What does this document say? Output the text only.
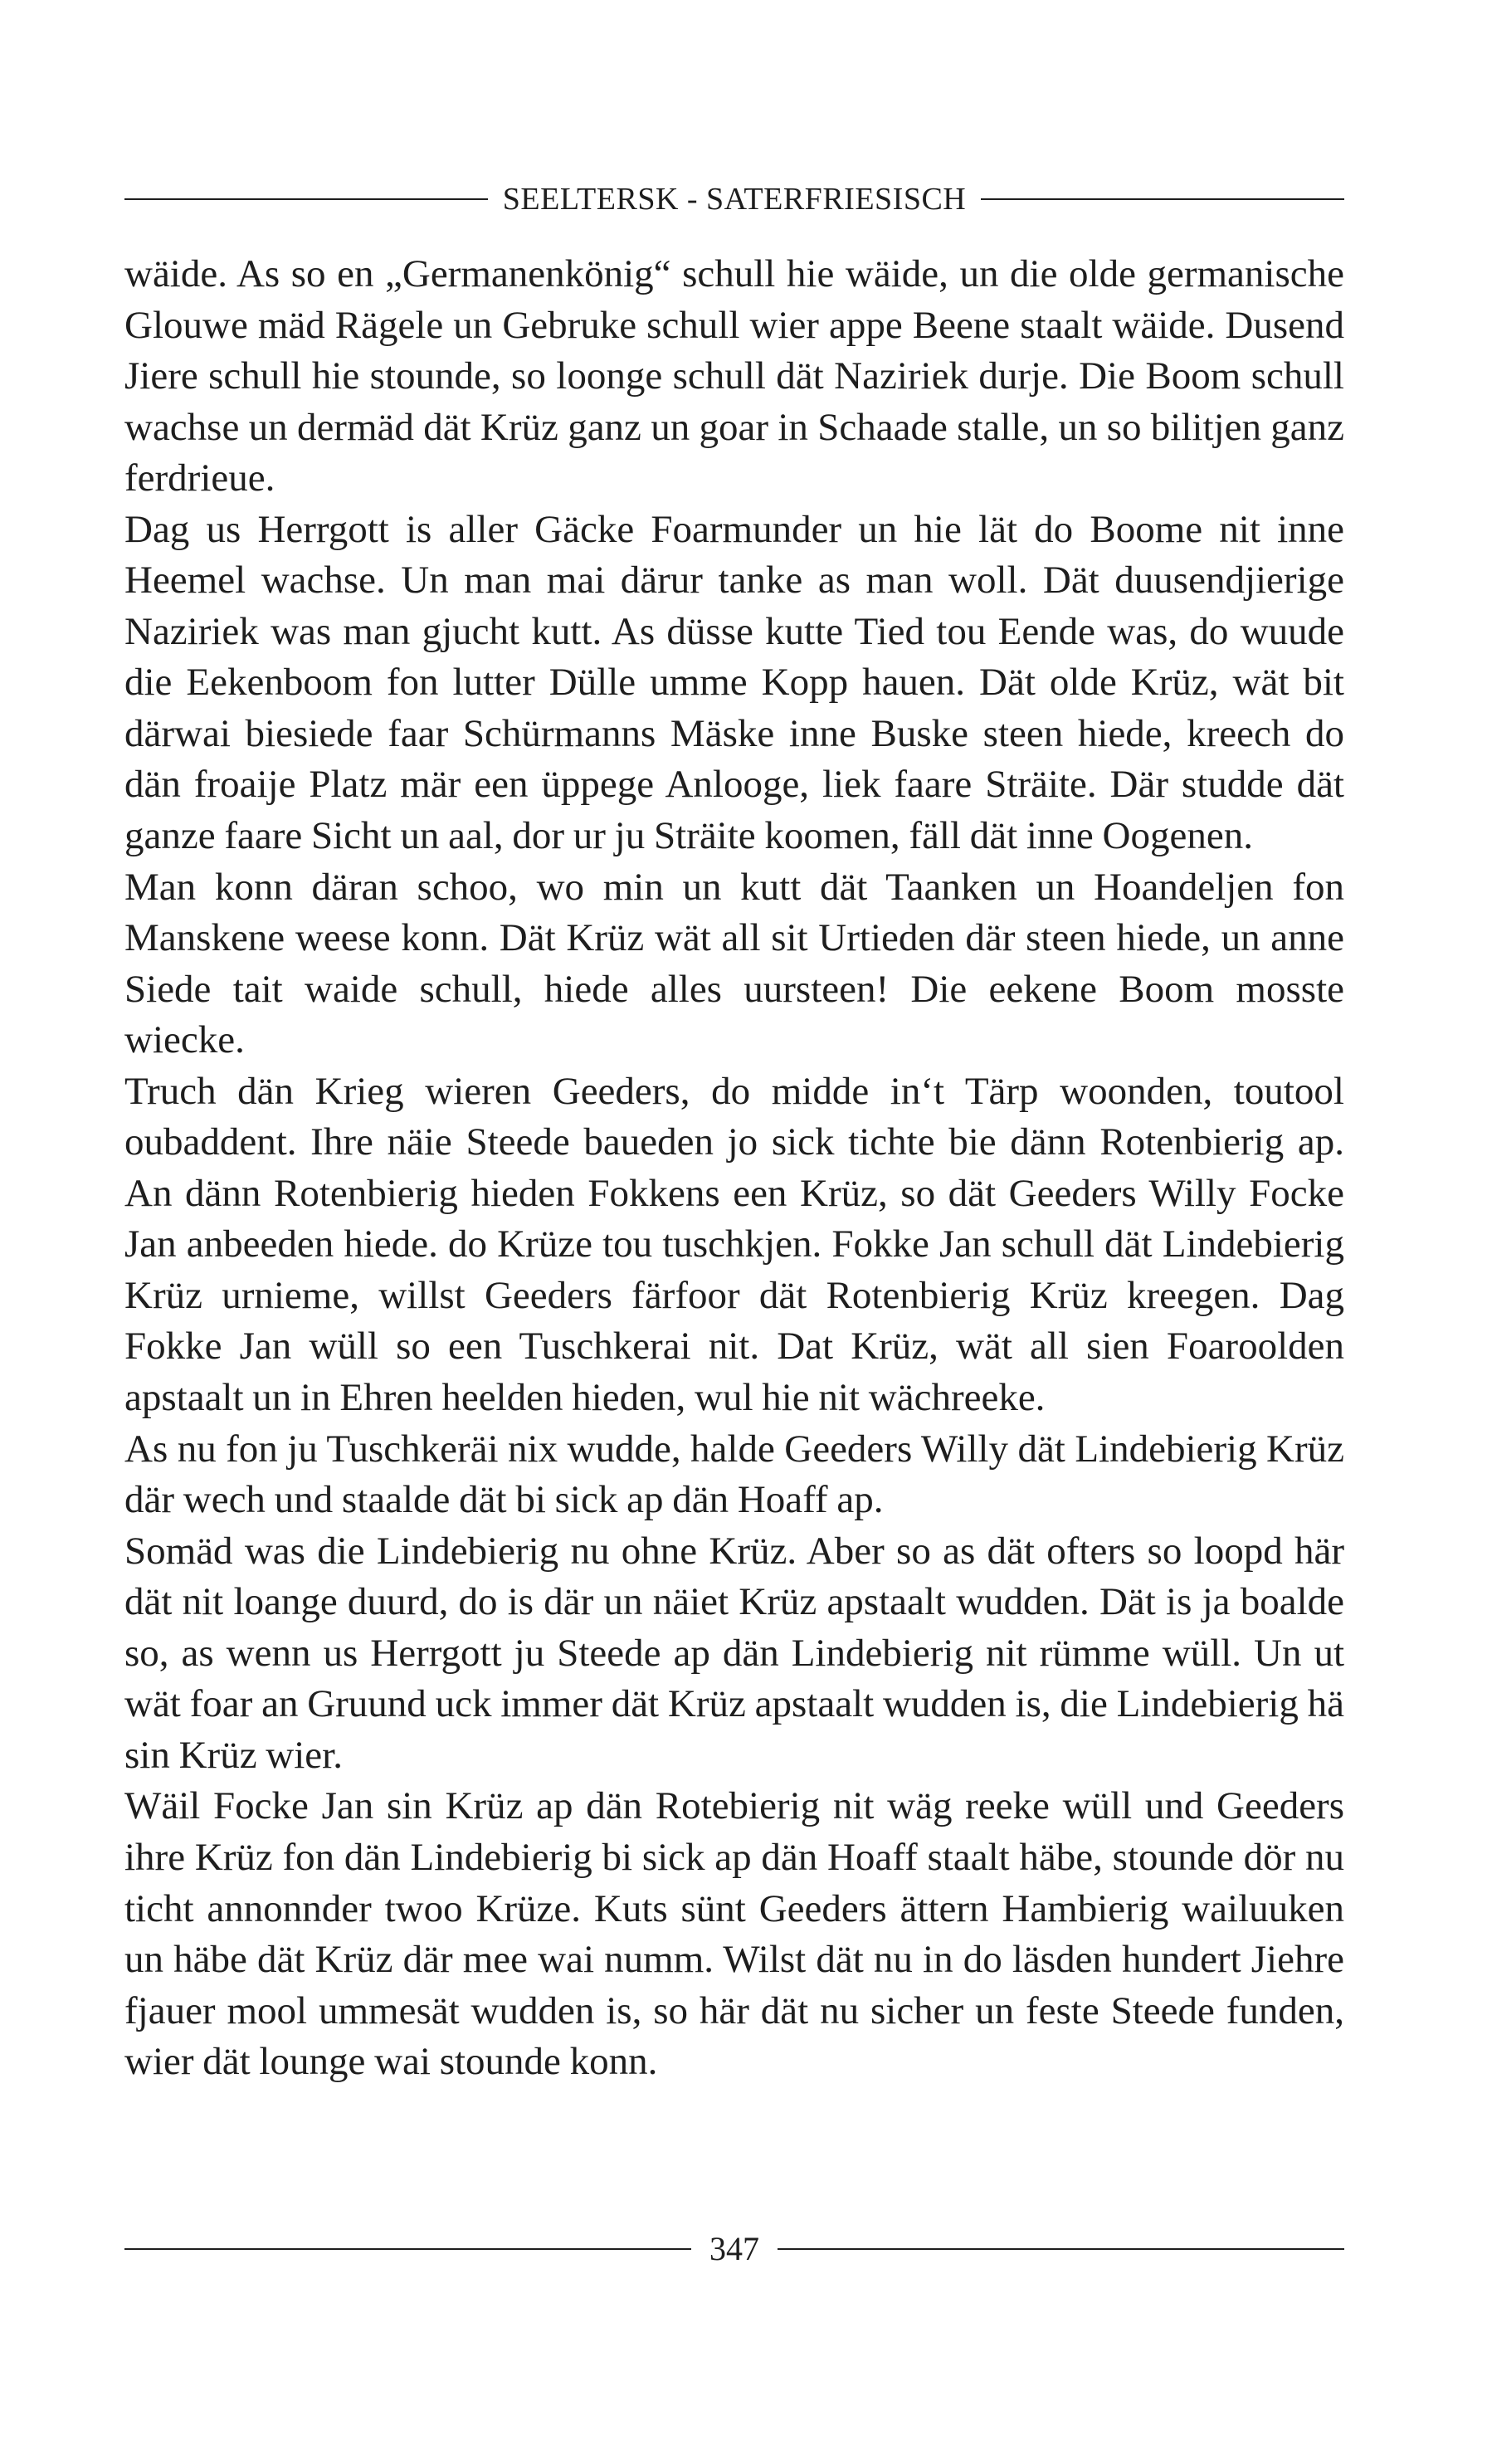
SEELTERSK - SATERFRIESISCH

wäide. As so en „Germanenkönig“ schull hie wäide, un die olde germanische Glouwe mäd Rägele un Gebruke schull wier appe Beene staalt wäide. Dusend Jiere schull hie stounde, so loonge schull dät Naziriek durje. Die Boom schull wachse un dermäd dät Krüz ganz un goar in Schaade stalle, un so bilitjen ganz ferdrieue.

Dag us Herrgott is aller Gäcke Foarmunder un hie lät do Boome nit inne Heemel wachse. Un man mai därur tanke as man woll. Dät duusendjierige Naziriek was man gjucht kutt. As düsse kutte Tied tou Eende was, do wuude die Eekenboom fon lutter Dülle umme Kopp hauen. Dät olde Krüz, wät bit därwai biesiede faar Schürmanns Mäske inne Buske steen hiede, kreech do dän froaije Platz mär een üppege Anlooge, liek faare Sträite. Där studde dät ganze faare Sicht un aal, dor ur ju Sträite koomen, fäll dät inne Oogenen.

Man konn däran schoo, wo min un kutt dät Taanken un Hoandeljen fon Manskene weese konn. Dät Krüz wät all sit Urtieden där steen hiede, un anne Siede tait waide schull, hiede alles uursteen! Die eekene Boom mosste wiecke.

Truch dän Krieg wieren Geeders, do midde in‘t Tärp woonden, toutool oubaddent. Ihre näie Steede baueden jo sick tichte bie dänn Rotenbierig ap. An dänn Rotenbierig hieden Fokkens een Krüz, so dät Geeders Willy Focke Jan anbeeden hiede. do Krüze tou tuschkjen. Fokke Jan schull dät Lindebierig Krüz urnieme, willst Geeders färfoor dät Rotenbierig Krüz kreegen. Dag Fokke Jan wüll so een Tuschkerai nit. Dat Krüz, wät all sien Foaroolden apstaalt un in Ehren heelden hieden, wul hie nit wächreeke.

As nu fon ju Tuschkeräi nix wudde, halde Geeders Willy dät Lindebierig Krüz där wech und staalde dät bi sick ap dän Hoaff ap.

Somäd was die Lindebierig nu ohne Krüz. Aber so as dät ofters so loopd här dät nit loange duurd, do is där un näiet Krüz apstaalt wudden. Dät is ja boalde so, as wenn us Herrgott ju Steede ap dän Lindebierig nit rümme wüll. Un ut wät foar an Gruund uck immer dät Krüz apstaalt wudden is, die Lindebierig hä sin Krüz wier.

Wäil Focke Jan sin Krüz ap dän Rotebierig nit wäg reeke wüll und Geeders ihre Krüz fon dän Lindebierig bi sick ap dän Hoaff staalt häbe, stounde dör nu ticht annonnder twoo Krüze. Kuts sünt Geeders ättern Hambierig wailuuken un häbe dät Krüz där mee wai numm. Wilst dät nu in do läsden hundert Jiehre fjauer mool ummesät wudden is, so här dät nu sicher un feste Steede funden, wier dät lounge wai stounde konn.

347
